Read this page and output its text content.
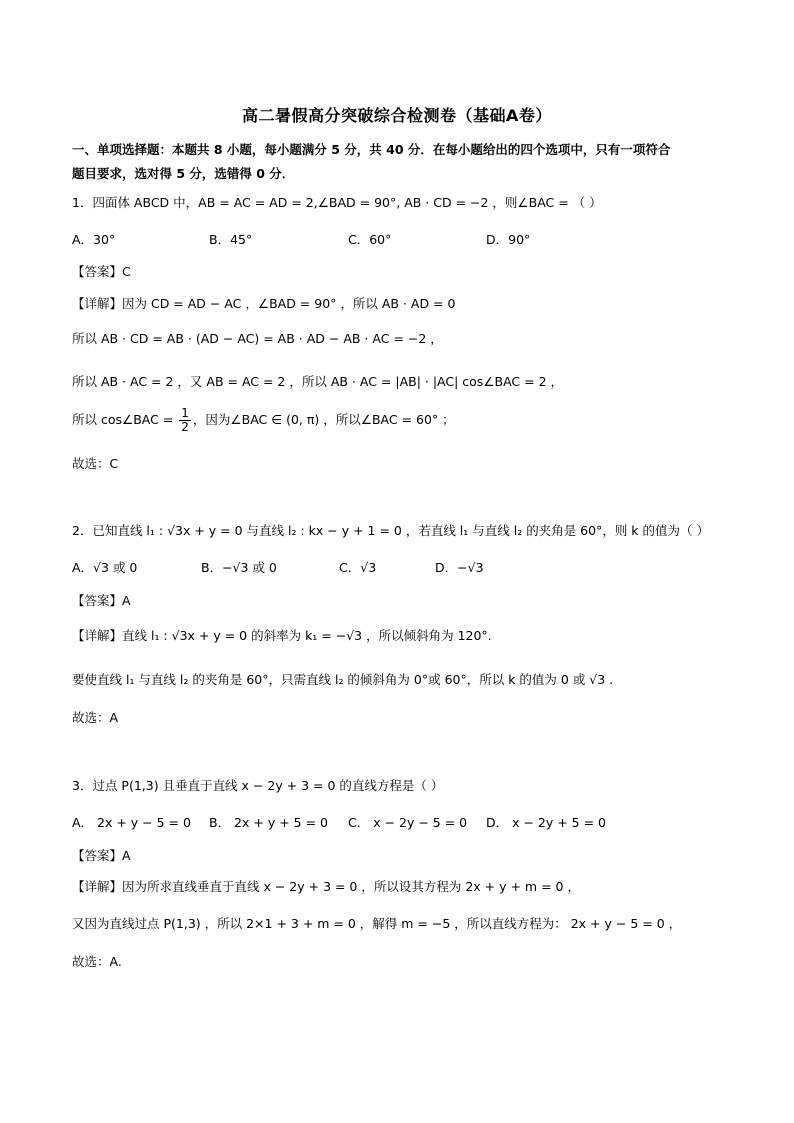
高二暑假高分突破综合检测卷（基础A卷）
一、单项选择题：本题共 8 小题，每小题满分 5 分，共 40 分．在每小题给出的四个选项中，只有一项符合
题目要求，选对得 5 分，选错得 0 分．
1．四面体 ABCD 中，AB = AC = AD = 2,∠BAD = 90°, AB · CD = −2 ，则∠BAC = （ ）
A．30°	B．45°	C．60°	D．90°
【答案】C
【详解】因为 CD = AD − AC ，∠BAD = 90° ，所以 AB · AD = 0
所以 AB · CD = AB · (AD − AC) = AB · AD − AB · AC = −2 ，
所以 AB · AC = 2 ，又 AB = AC = 2 ，所以 AB · AC = |AB| · |AC| cos∠BAC = 2 ，
所以 cos∠BAC = $\frac{1}{2}$ ，因为∠BAC ∈ (0, π) ，所以∠BAC = 60° ；
故选：C
2．已知直线 l₁ : √3x + y = 0 与直线 l₂ : kx − y + 1 = 0 ，若直线 l₁ 与直线 l₂ 的夹角是 60°，则 k 的值为（ ）
A．√3 或 0	B．−√3 或 0	C．√3	D．−√3
【答案】A
【详解】直线 l₁ : √3x + y = 0 的斜率为 k₁ = −√3 ，所以倾斜角为 120°.
要使直线 l₁ 与直线 l₂ 的夹角是 60°，只需直线 l₂ 的倾斜角为 0°或 60°，所以 k 的值为 0 或 √3 .
故选：A
3．过点 P(1,3) 且垂直于直线 x − 2y + 3 = 0 的直线方程是（ ）
A． 2x + y − 5 = 0 B． 2x + y + 5 = 0 C． x − 2y − 5 = 0 D． x − 2y + 5 = 0
【答案】A
【详解】因为所求直线垂直于直线 x − 2y + 3 = 0 ，所以设其方程为 2x + y + m = 0 ，
又因为直线过点 P(1,3) ，所以 2×1 + 3 + m = 0 ，解得 m = −5 ，所以直线方程为： 2x + y − 5 = 0 ，
故选：A.
